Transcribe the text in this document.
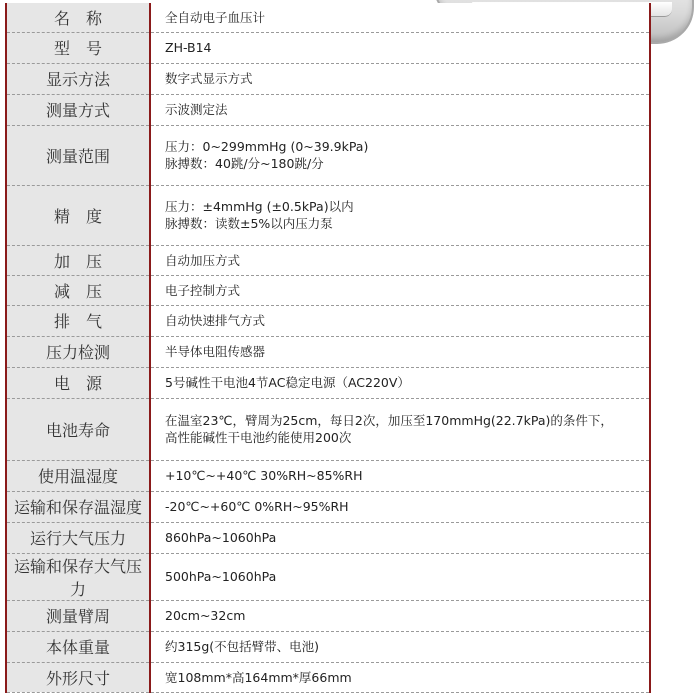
名　称	全自动电子血压计

型　号	ZH-B14

显示方法	数字式显示方式

测量方式	示波测定法

测量范围	压力：0~299mmHg (0~39.9kPa)
脉搏数：40跳/分~180跳/分

精　度	压力：±4mmHg (±0.5kPa)以内
脉搏数：读数±5%以内压力泵

加　压	自动加压方式

减　压	电子控制方式

排　气	自动快速排气方式

压力检测	半导体电阻传感器

电　源	5号碱性干电池4节AC稳定电源（AC220V）

电池寿命	在温室23℃，臂周为25cm，每日2次，加压至170mmHg(22.7kPa)的条件下，
高性能碱性干电池约能使用200次

使用温湿度	+10℃~+40℃ 30%RH~85%RH

运输和保存温湿度	-20℃~+60℃ 0%RH~95%RH

运行大气压力	860hPa~1060hPa

运输和保存大气压力	500hPa~1060hPa

测量臂周	20cm~32cm

本体重量	约315g(不包括臂带、电池)

外形尺寸	宽108mm*高164mm*厚66mm
